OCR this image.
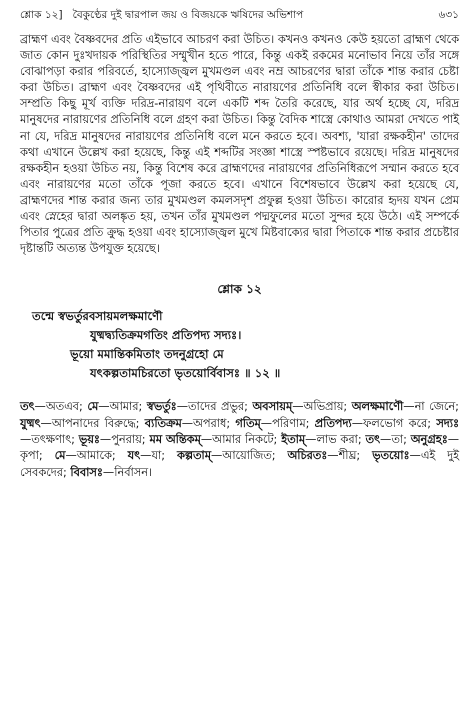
শ্লোক ১২] বৈকুণ্ঠের দুই দ্বারপাল জয় ও বিজয়কে ঋষিদের অভিশাপ	৬৩১

ব্রাহ্মণ এবং বৈষ্ণবদের প্রতি এইভাবে আচরণ করা উচিত। কখনও কখনও কেউ হয়তো ব্রাহ্মণ থেকে জাত কোন দুঃখদায়ক পরিস্থিতির সম্মুখীন হতে পারে, কিন্তু একই রকমের মনোভাব নিয়ে তাঁর সঙ্গে বোঝাপড়া করার পরিবর্তে, হাস্যোজ্জ্বল মুখমণ্ডল এবং নম্র আচরণের দ্বারা তাঁকে শান্ত করার চেষ্টা করা উচিত। ব্রাহ্মণ এবং বৈষ্ণবদের এই পৃথিবীতে নারায়ণের প্রতিনিধি বলে স্বীকার করা উচিত। সম্প্রতি কিছু মূর্খ ব্যক্তি দরিদ্র-নারায়ণ বলে একটি শব্দ তৈরি করেছে, যার অর্থ হচ্ছে যে, দরিদ্র মানুষদের নারায়ণের প্রতিনিধি বলে গ্রহণ করা উচিত। কিন্তু বৈদিক শাস্ত্রে কোথাও আমরা দেখতে পাই না যে, দরিদ্র মানুষদের নারায়ণের প্রতিনিধি বলে মনে করতে হবে। অবশ্য, 'যারা রক্ষকহীন' তাদের কথা এখানে উল্লেখ করা হয়েছে, কিন্তু এই শব্দটির সংজ্ঞা শাস্ত্রে স্পষ্টভাবে রয়েছে। দরিদ্র মানুষদের রক্ষকহীন হওয়া উচিত নয়, কিন্তু বিশেষ করে ব্রাহ্মণদের নারায়ণের প্রতিনিধিরূপে সম্মান করতে হবে এবং নারায়ণের মতো তাঁকে পূজা করতে হবে। এখানে বিশেষভাবে উল্লেখ করা হয়েছে যে, ব্রাহ্মণদের শান্ত করার জন্য তার মুখমণ্ডল কমলসদৃশ প্রফুল্ল হওয়া উচিত। কারোর হৃদয় যখন প্রেম এবং স্নেহের দ্বারা অলঙ্কৃত হয়, তখন তাঁর মুখমণ্ডল পদ্মফুলের মতো সুন্দর হয়ে উঠে। এই সম্পর্কে পিতার পুত্রের প্রতি ক্রুদ্ধ হওয়া এবং হাস্যোজ্জ্বল মুখে মিষ্টবাক্যের দ্বারা পিতাকে শান্ত করার প্রচেষ্টার দৃষ্টান্তটি অত্যন্ত উপযুক্ত হয়েছে।

শ্লোক ১২
তন্মে স্বভর্তুরবসায়মলক্ষমাণৌ
যুষ্মদ্ব্যতিক্রমগতিং প্রতিপদ্য সদ্যঃ।
ভূয়ো মমান্তিকমিতাং তদনুগ্রহো মে
যৎকল্পতামচিরতো ভৃতয়োর্বিবাসঃ ॥ ১২ ॥
তৎ—অতএব; মে—আমার; স্বভর্তুঃ—তাদের প্রভুর; অবসায়ম্—অভিপ্রায়; অলক্ষমাণৌ—না জেনে; যুষ্মৎ—আপনাদের বিরুদ্ধে; ব্যতিক্রম—অপরাধ; গতিম্—পরিণাম; প্রতিপদ্য—ফলভোগ করে; সদ্যঃ—তৎক্ষণাৎ; ভূয়ঃ—পুনরায়; মম অন্তিকম্—আমার নিকটে; ইতাম্—লাভ করা; তৎ—তা; অনুগ্রহঃ—কৃপা; মে—আমাকে; যৎ—যা; কল্পতাম্—আয়োজিত; অচিরতঃ—শীঘ্র; ভৃতয়োঃ—এই দুই সেবকদের; বিবাসঃ—নির্বাসন।
